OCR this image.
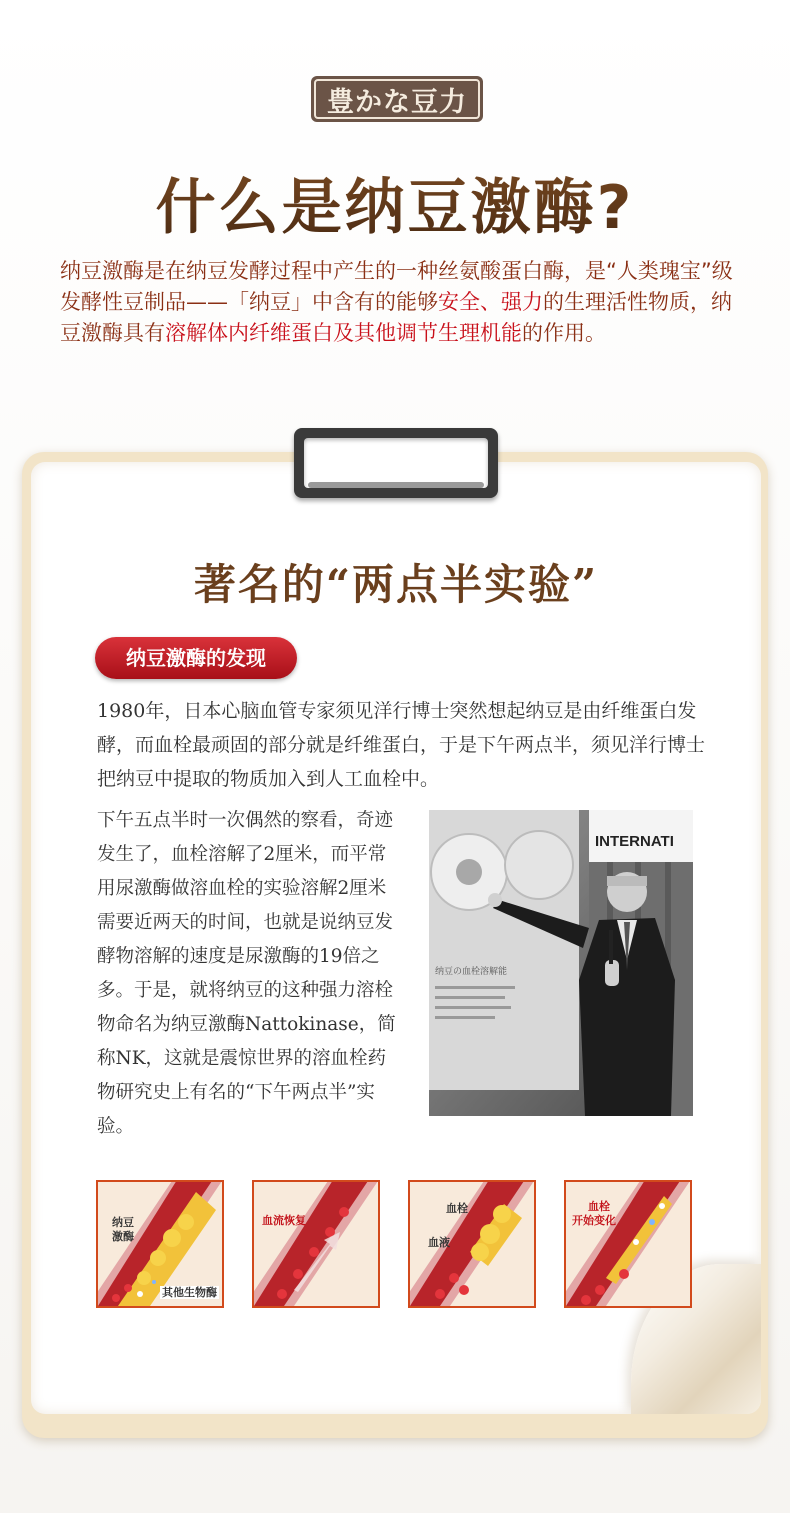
豊かな豆力
什么是纳豆激酶?
纳豆激酶是在纳豆发酵过程中产生的一种丝氨酸蛋白酶，是“人类瑰宝”级发酵性豆制品——「纳豆」中含有的能够安全、强力的生理活性物质，纳豆激酶具有溶解体内纤维蛋白及其他调节生理机能的作用。
著名的“两点半实验”
纳豆激酶的发现
1980年，日本心脑血管专家须见洋行博士突然想起纳豆是由纤维蛋白发酵，而血栓最顽固的部分就是纤维蛋白，于是下午两点半，须见洋行博士把纳豆中提取的物质加入到人工血栓中。
下午五点半时一次偶然的察看，奇迹发生了，血栓溶解了2厘米，而平常用尿激酶做溶血栓的实验溶解2厘米需要近两天的时间，也就是说纳豆发酵物溶解的速度是尿激酶的19倍之多。于是，就将纳豆的这种强力溶栓物命名为纳豆激酶Nattokinase，简称NK，这就是震惊世界的溶血栓药物研究史上有名的“下午两点半”实验。
纳豆の血栓溶解能
INTERNATI
纳豆
激酶
其他生物酶
血流恢复
血栓
血液
血栓
开始变化
